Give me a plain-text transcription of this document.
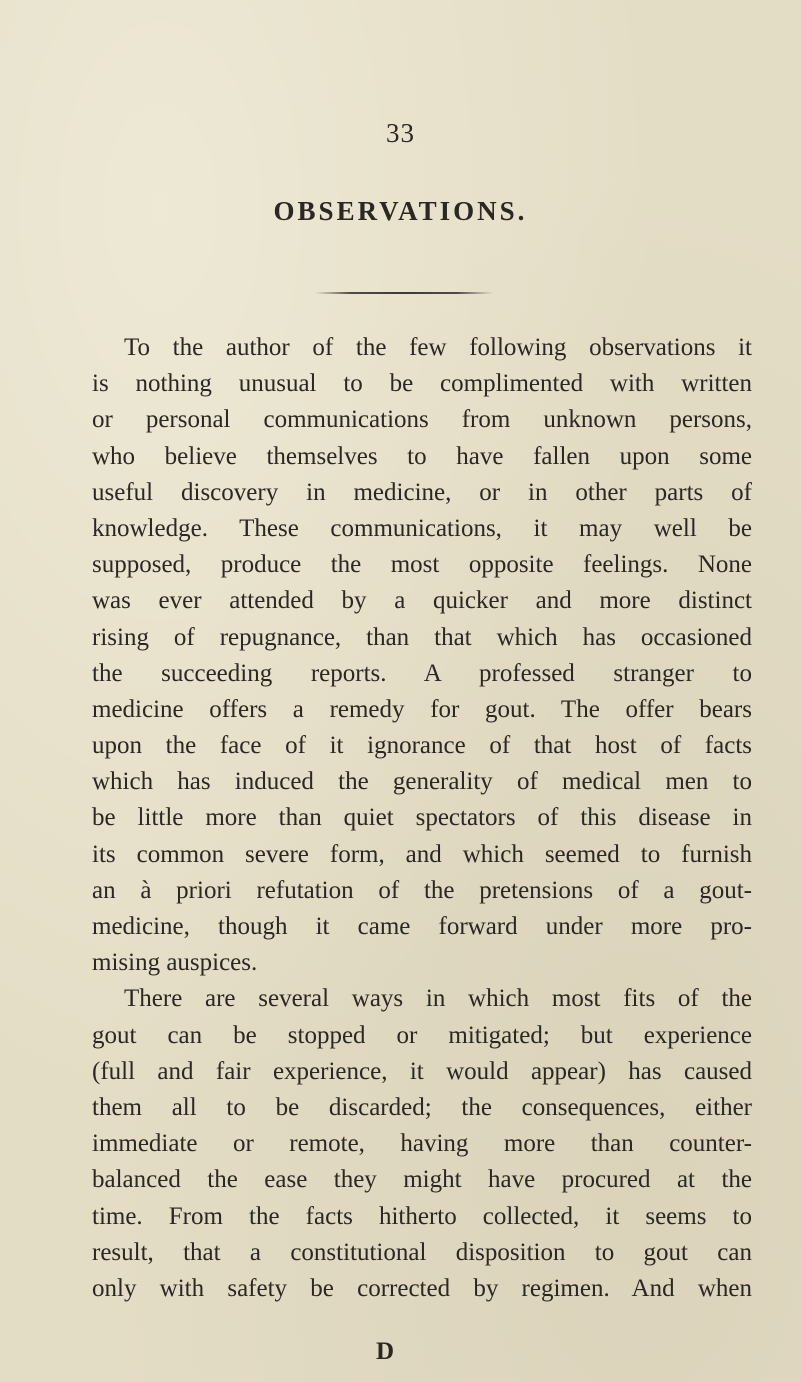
33
OBSERVATIONS.
To the author of the few following observations it
is nothing unusual to be complimented with written
or personal communications from unknown persons,
who believe themselves to have fallen upon some
useful discovery in medicine, or in other parts of
knowledge. These communications, it may well be
supposed, produce the most opposite feelings. None
was ever attended by a quicker and more distinct
rising of repugnance, than that which has occasioned
the succeeding reports. A professed stranger to
medicine offers a remedy for gout. The offer bears
upon the face of it ignorance of that host of facts
which has induced the generality of medical men to
be little more than quiet spectators of this disease in
its common severe form, and which seemed to furnish
an à priori refutation of the pretensions of a gout-
medicine, though it came forward under more pro-
mising auspices.
There are several ways in which most fits of the
gout can be stopped or mitigated; but experience
(full and fair experience, it would appear) has caused
them all to be discarded; the consequences, either
immediate or remote, having more than counter-
balanced the ease they might have procured at the
time. From the facts hitherto collected, it seems to
result, that a constitutional disposition to gout can
only with safety be corrected by regimen. And when
D
